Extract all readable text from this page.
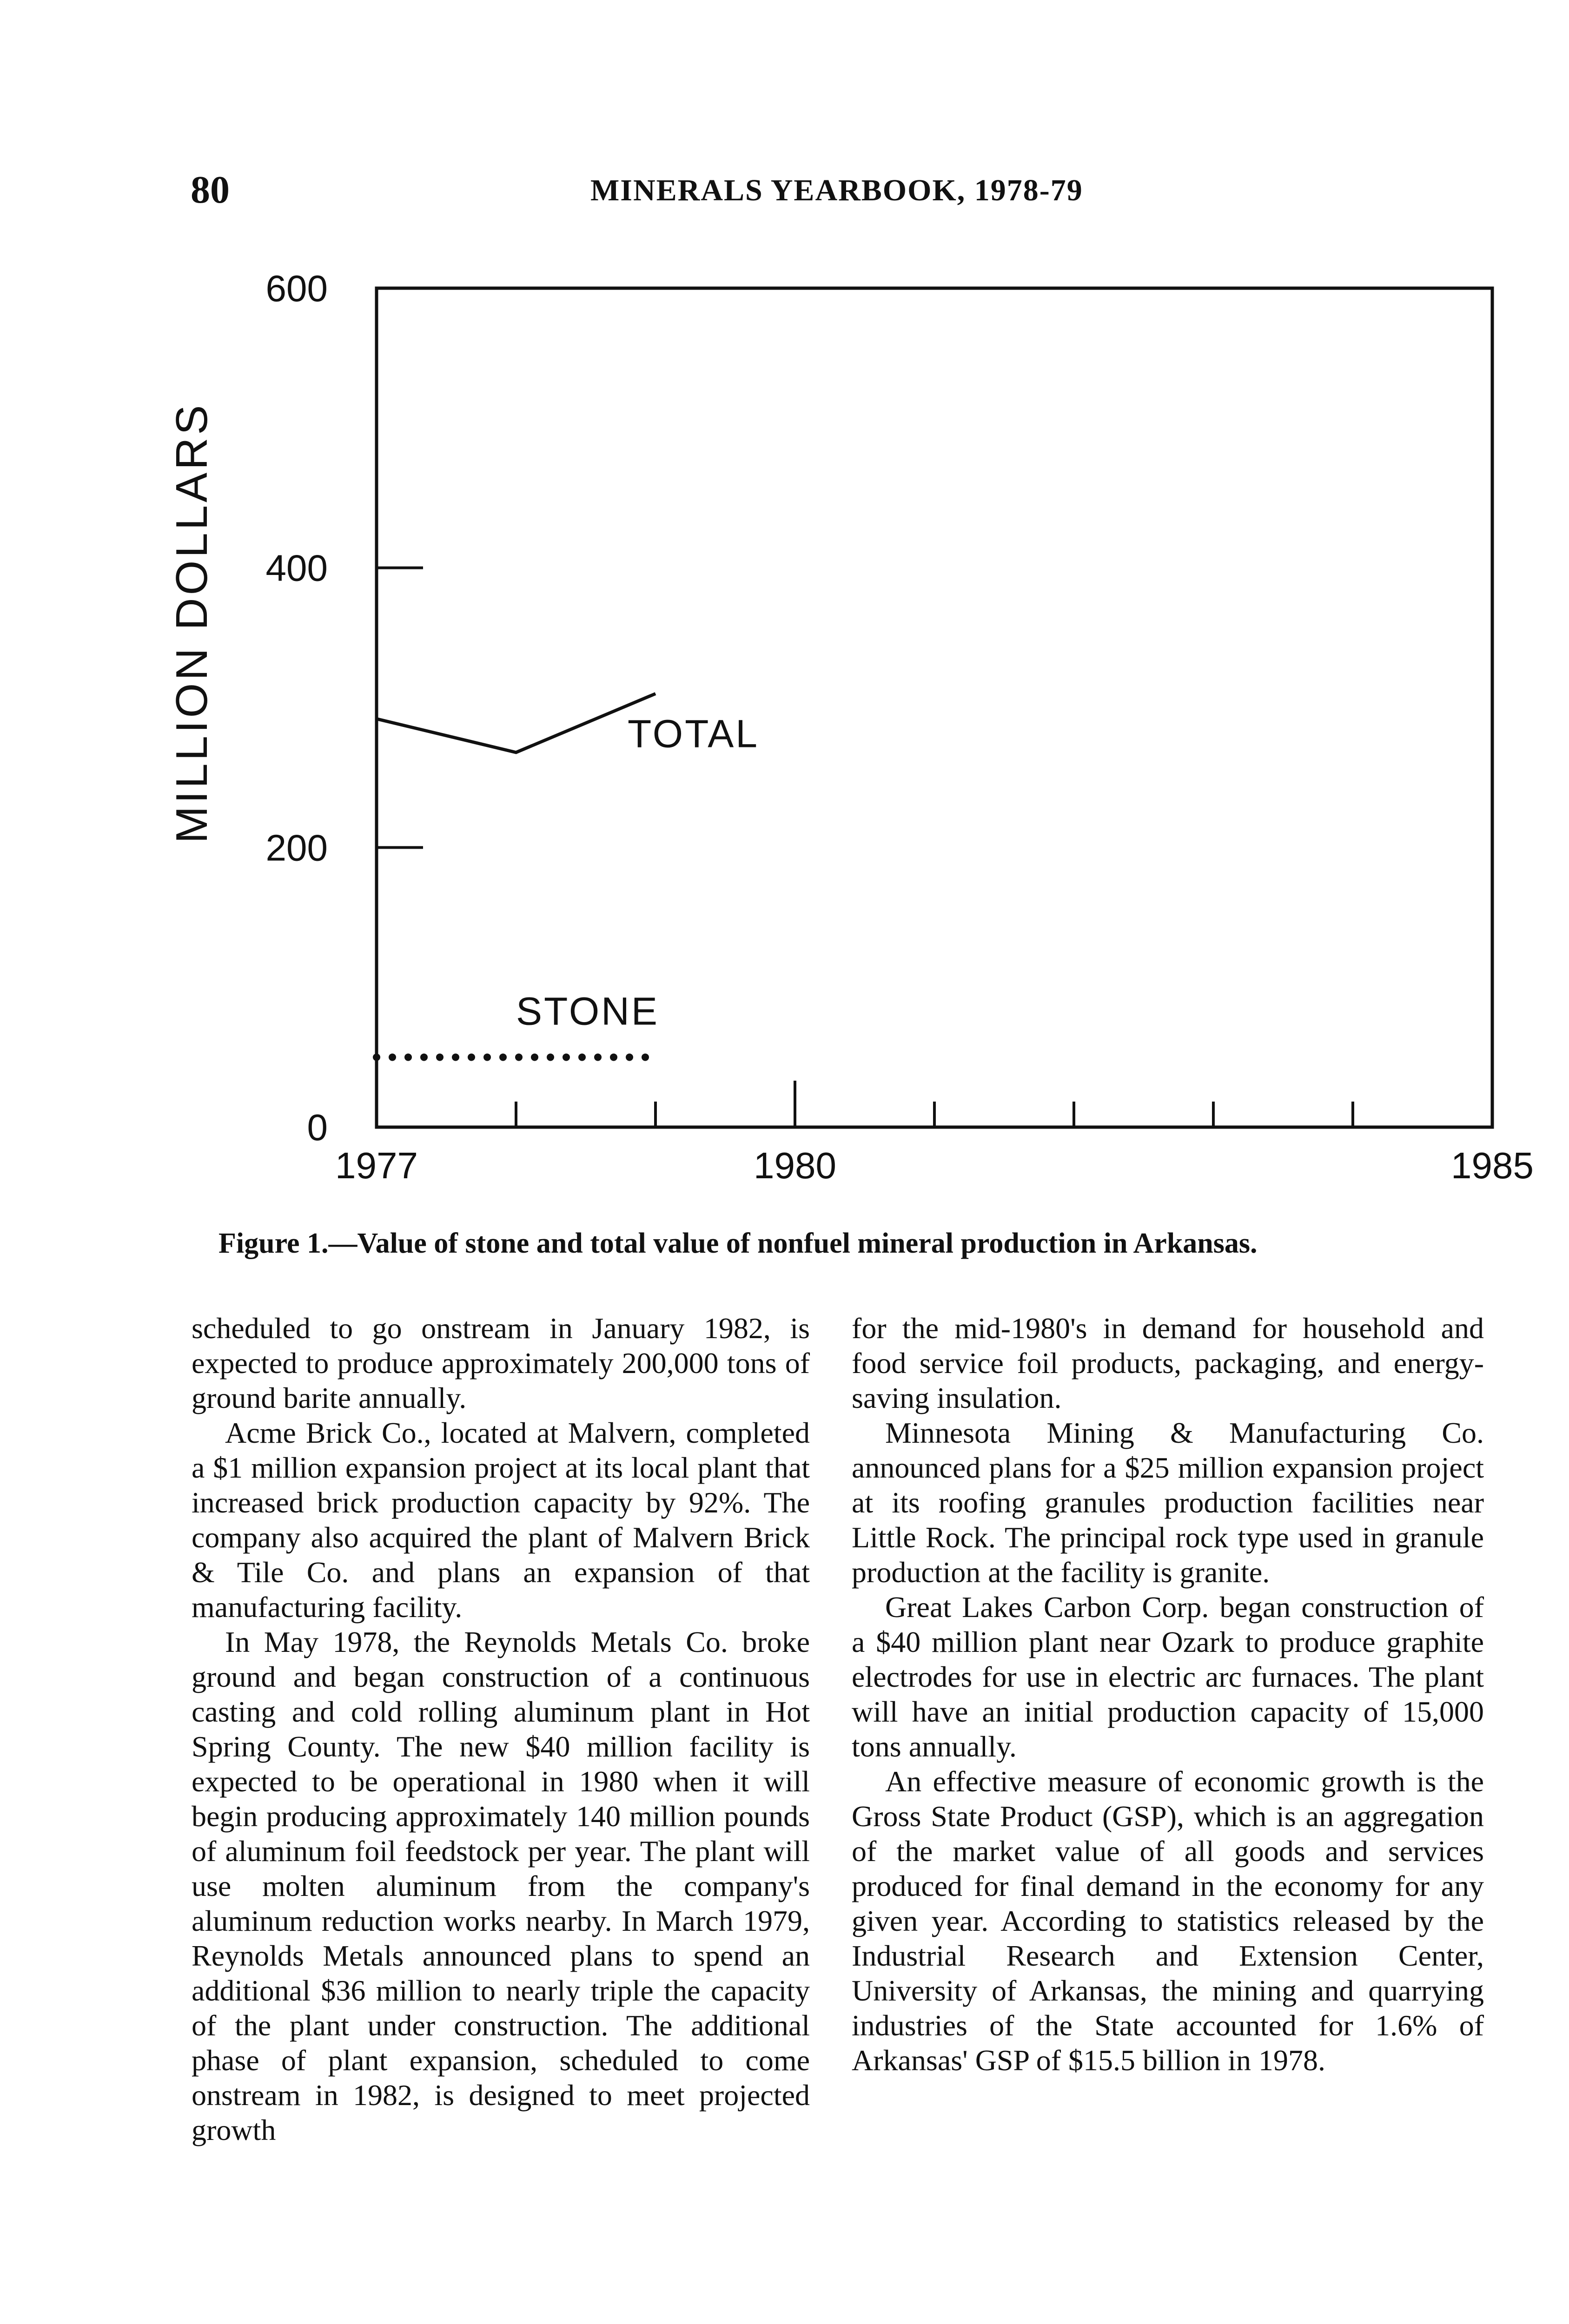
80	MINERALS YEARBOOK, 1978-79
0
200
400
600
1977	1980	1985
TOTAL
STONE
MILLION DOLLARS
Figure 1.—Value of stone and total value of nonfuel mineral production in Arkansas.

scheduled to go onstream in January 1982, is expected to produce approximately 200,000 tons of ground barite annually.

Acme Brick Co., located at Malvern, completed a $1 million expansion project at its local plant that increased brick production capacity by 92%. The company also acquired the plant of Malvern Brick & Tile Co. and plans an expansion of that manufacturing facility.

In May 1978, the Reynolds Metals Co. broke ground and began construction of a continuous casting and cold rolling aluminum plant in Hot Spring County. The new $40 million facility is expected to be operational in 1980 when it will begin producing approximately 140 million pounds of aluminum foil feedstock per year. The plant will use molten aluminum from the company's aluminum reduction works nearby. In March 1979, Reynolds Metals announced plans to spend an additional $36 million to nearly triple the capacity of the plant under construction. The additional phase of plant expansion, scheduled to come onstream in 1982, is designed to meet projected growth

for the mid-1980's in demand for household and food service foil products, packaging, and energy-saving insulation.

Minnesota Mining & Manufacturing Co. announced plans for a $25 million expansion project at its roofing granules production facilities near Little Rock. The principal rock type used in granule production at the facility is granite.

Great Lakes Carbon Corp. began construction of a $40 million plant near Ozark to produce graphite electrodes for use in electric arc furnaces. The plant will have an initial production capacity of 15,000 tons annually.

An effective measure of economic growth is the Gross State Product (GSP), which is an aggregation of the market value of all goods and services produced for final demand in the economy for any given year. According to statistics released by the Industrial Research and Extension Center, University of Arkansas, the mining and quarrying industries of the State accounted for 1.6% of Arkansas' GSP of $15.5 billion in 1978.
